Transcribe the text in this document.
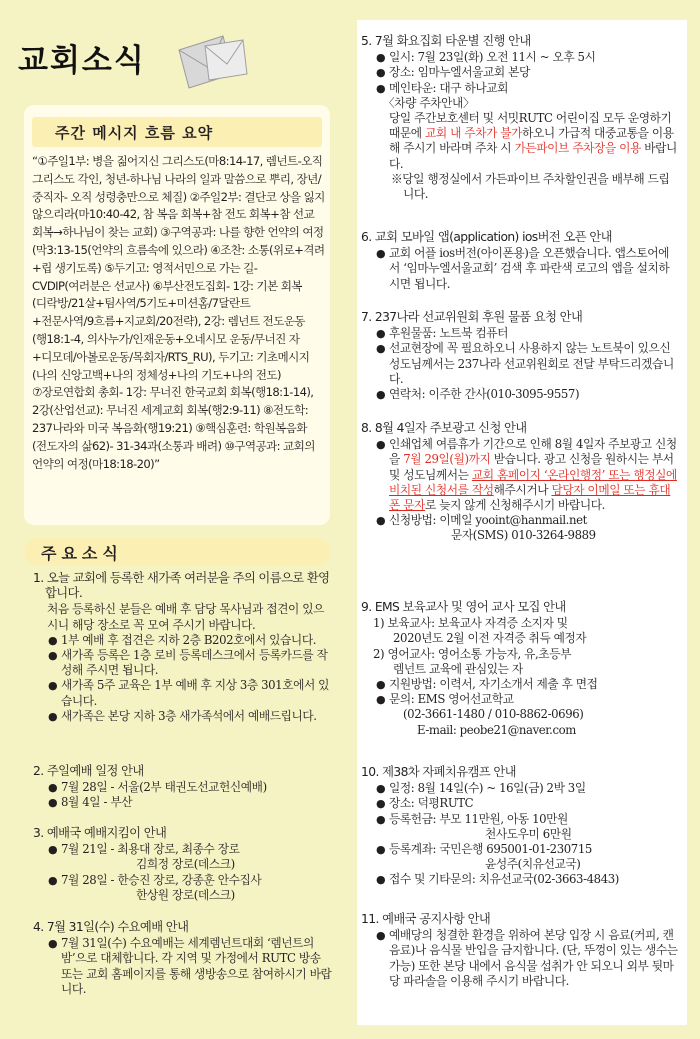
교회소식
주간 메시지 흐름 요약
“①주일1부: 병을 짊어지신 그리스도(마8:14-17, 렘넌트-오직 그리스도 각인, 청년-하나님 나라의 일과 말씀으로 뿌리, 장년/중직자- 오직 성령충만으로 체질) ②주일2부: 결단코 상을 잃지 않으리라(마10:40-42, 참 복음 회복+참 전도 회복+참 선교 회복→하나님이 찾는 교회) ③구역공과: 나를 향한 언약의 여정(막3:13-15(언약의 흐름속에 있으라) ④조찬: 소통(위로+격려+립 생기도록) ⑤두기고: 영적서민으로 가는 길-CVDIP(여러분은 선교사) ⑥부산전도집회- 1강: 기본 회복(디락방/21살+팀사역/5기도+미션홈/7달란트+전문사역/9흐름+지교회/20전략), 2강: 렘넌트 전도운동(행18:1-4, 의사누가/인재운동+오네시모 운동/무너진 자+디모데/아볼로운동/목회자/RTS_RU), 두기고: 기초메시지(나의 신앙고백+나의 정체성+나의 기도+나의 전도) ⑦장로연합회 총회- 1강: 무너진 한국교회 회복(행18:1-14), 2강(산업선교): 무너진 세계교회 회복(행2:9-11) ⑧전도학: 237나라와 미국 복음화(행19:21) ⑨핵심훈련: 학원복음화(전도자의 삶62)- 31-34과(소통과 배려) ⑩구역공과: 교회의 언약의 여정(마18:18-20)”
주요소식
1. 오늘 교회에 등록한 새가족 여러분을 주의 이름으로 환영합니다.
처음 등록하신 분들은 예배 후 담당 목사님과 접견이 있으시니 해당 장소로 꼭 모여 주시기 바랍니다.
● 1부 예배 후 접견은 지하 2층 B202호에서 있습니다.
● 새가족 등록은 1층 로비 등록데스크에서 등록카드를 작성해 주시면 됩니다.
● 새가족 5주 교육은 1부 예배 후 지상 3층 301호에서 있습니다.
● 새가족은 본당 지하 3층 새가족석에서 예배드립니다.
2. 주일예배 일정 안내
● 7월 28일 - 서울(2부 태권도선교헌신예배)
● 8월 4일 - 부산
3. 예배국 예배지킴이 안내
● 7월 21일 - 최용대 장로, 최종수 장로
김희정 장로(데스크)
● 7월 28일 - 한승진 장로, 강종훈 안수집사
한상원 장로(데스크)
4. 7월 31일(수) 수요예배 안내
● 7월 31일(수) 수요예배는 세계렘넌트대회 ‘렘넌트의 밤’으로 대체합니다. 각 지역 및 가정에서 RUTC 방송 또는 교회 홈페이지를 통해 생방송으로 참여하시기 바랍니다.
5. 7월 화요집회 타운별 진행 안내
● 일시: 7월 23일(화) 오전 11시 ~ 오후 5시
● 장소: 임마누엘서울교회 본당
● 메인타운: 대구 하나교회
〈차량 주차안내〉
당일 주간보호센터 및 서밋RUTC 어린이집 모두 운영하기 때문에 교회 내 주차가 불가하오니 가급적 대중교통을 이용해 주시기 바라며 주차 시 가든파이브 주차장을 이용 바랍니다.
※당일 행정실에서 가든파이브 주차할인권을 배부해 드립니다.
6. 교회 모바일 앱(application) ios버전 오픈 안내
● 교회 어플 ios버전(아이폰용)을 오픈했습니다. 앱스토어에서 ‘임마누엘서울교회’ 검색 후 파란색 로고의 앱을 설치하시면 됩니다.
7. 237나라 선교위원회 후원 물품 요청 안내
● 후원물품: 노트북 컴퓨터
● 선교현장에 꼭 필요하오니 사용하지 않는 노트북이 있으신 성도님께서는 237나라 선교위원회로 전달 부탁드리겠습니다.
● 연락처: 이주한 간사(010-3095-9557)
8. 8월 4일자 주보광고 신청 안내
● 인쇄업체 여름휴가 기간으로 인해 8월 4일자 주보광고 신청을 7월 29일(월)까지 받습니다. 광고 신청을 원하시는 부서 및 성도님께서는 교회 홈페이지 ‘온라인행정’ 또는 행정실에 비치된 신청서를 작성해주시거나 담당자 이메일 또는 휴대폰 문자로 늦지 않게 신청해주시기 바랍니다.
● 신청방법: 이메일 yooint@hanmail.net
문자(SMS) 010-3264-9889
9. EMS 보육교사 및 영어 교사 모집 안내
1) 보육교사: 보육교사 자격증 소지자 및
2020년도 2월 이전 자격증 취득 예정자
2) 영어교사: 영어소통 가능자, 유,초등부
렘넌트 교육에 관심있는 자
● 지원방법: 이력서, 자기소개서 제출 후 면접
● 문의: EMS 영어선교학교
(02-3661-1480 / 010-8862-0696)
E-mail: peobe21@naver.com
10. 제38차 자폐치유캠프 안내
● 일정: 8월 14일(수) ~ 16일(금) 2박 3일
● 장소: 덕평RUTC
● 등록헌금: 부모 11만원, 아동 10만원
천사도우미 6만원
● 등록계좌: 국민은행 695001-01-230715
윤성주(치유선교국)
● 접수 및 기타문의: 치유선교국(02-3663-4843)
11. 예배국 공지사항 안내
● 예배당의 청결한 환경을 위하여 본당 입장 시 음료(커피, 캔 음료)나 음식물 반입을 금지합니다. (단, 뚜껑이 있는 생수는 가능) 또한 본당 내에서 음식물 섭취가 안 되오니 외부 뒷마당 파라솔을 이용해 주시기 바랍니다.
